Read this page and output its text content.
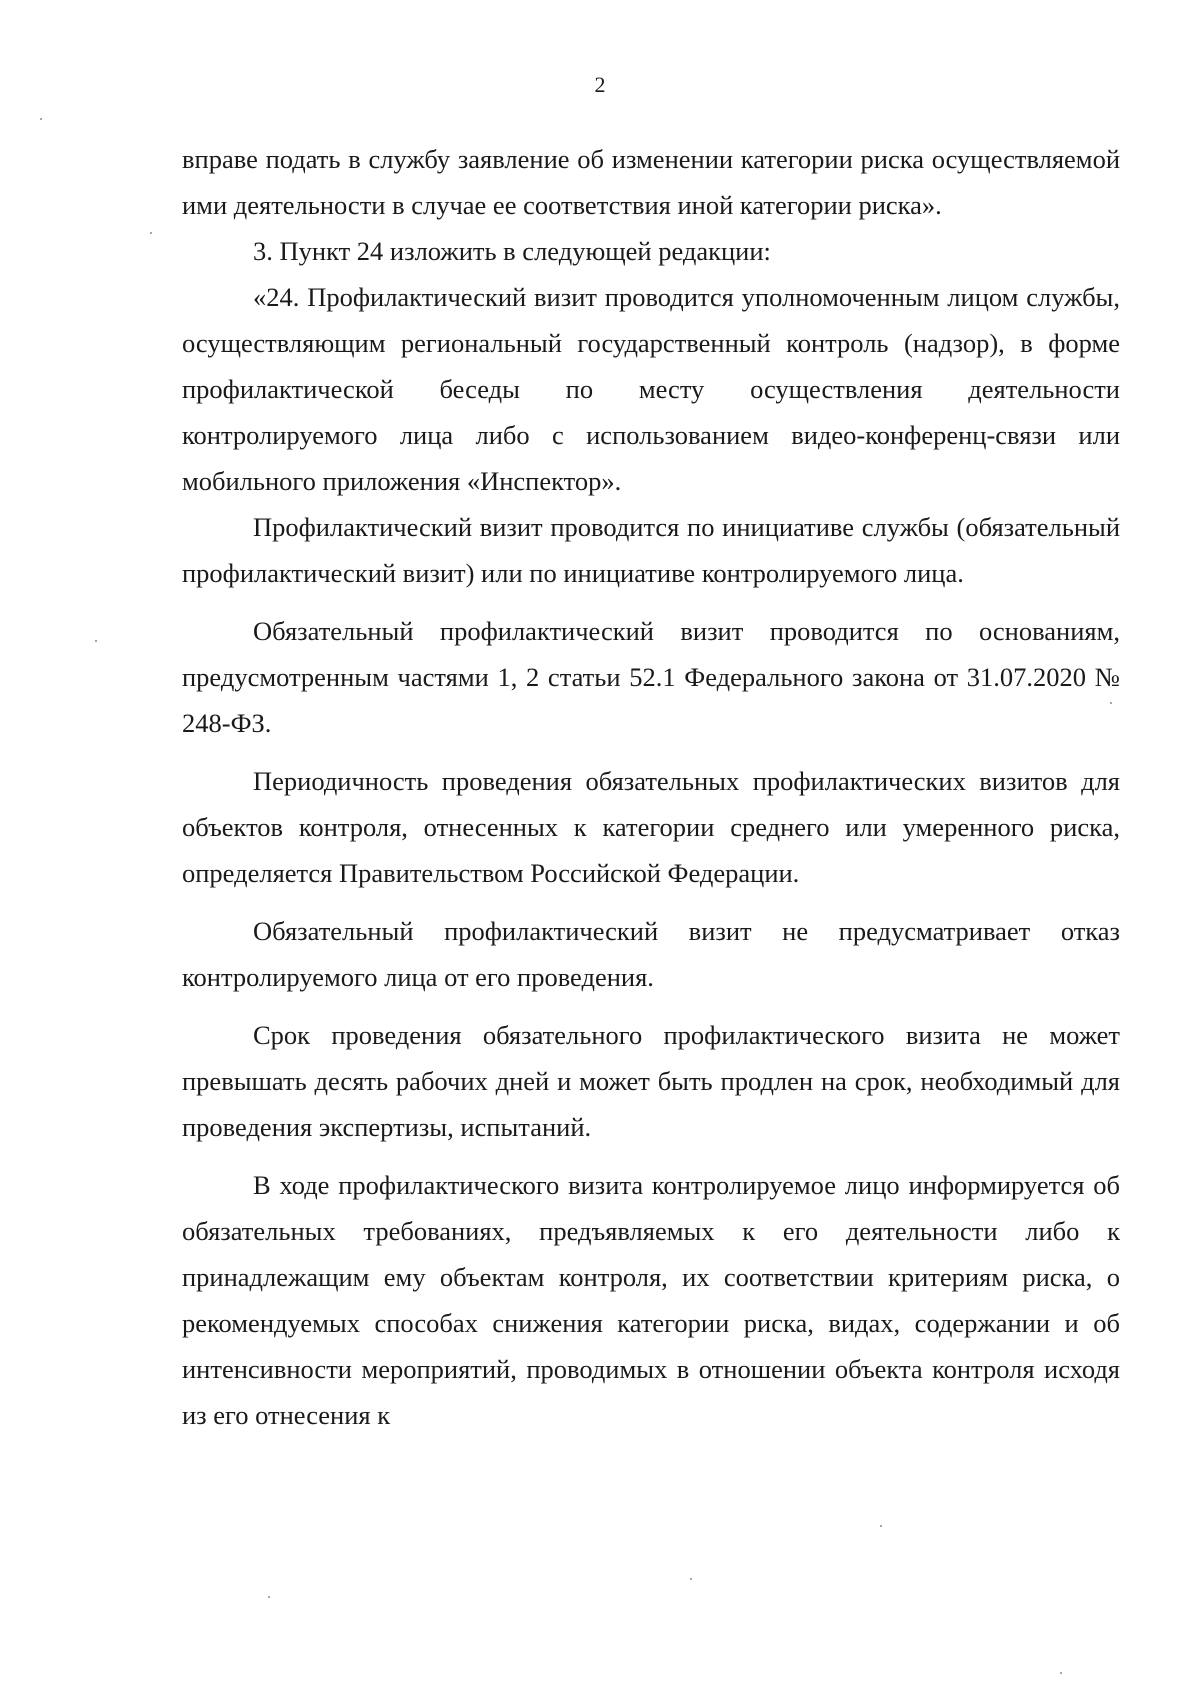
2

вправе подать в службу заявление об изменении категории риска осуществляемой ими деятельности в случае ее соответствия иной категории риска».

3. Пункт 24 изложить в следующей редакции:

«24. Профилактический визит проводится уполномоченным лицом службы, осуществляющим региональный государственный контроль (надзор), в форме профилактической беседы по месту осуществления деятельности контролируемого лица либо с использованием видео-конференц-связи или мобильного приложения «Инспектор».

Профилактический визит проводится по инициативе службы (обязательный профилактический визит) или по инициативе контролируемого лица.

Обязательный профилактический визит проводится по основаниям, предусмотренным частями 1, 2 статьи 52.1 Федерального закона от 31.07.2020 № 248-ФЗ.

Периодичность проведения обязательных профилактических визитов для объектов контроля, отнесенных к категории среднего или умеренного риска, определяется Правительством Российской Федерации.

Обязательный профилактический визит не предусматривает отказ контролируемого лица от его проведения.

Срок проведения обязательного профилактического визита не может превышать десять рабочих дней и может быть продлен на срок, необходимый для проведения экспертизы, испытаний.

В ходе профилактического визита контролируемое лицо информируется об обязательных требованиях, предъявляемых к его деятельности либо к принадлежащим ему объектам контроля, их соответствии критериям риска, о рекомендуемых способах снижения категории риска, видах, содержании и об интенсивности мероприятий, проводимых в отношении объекта контроля исходя из его отнесения к
